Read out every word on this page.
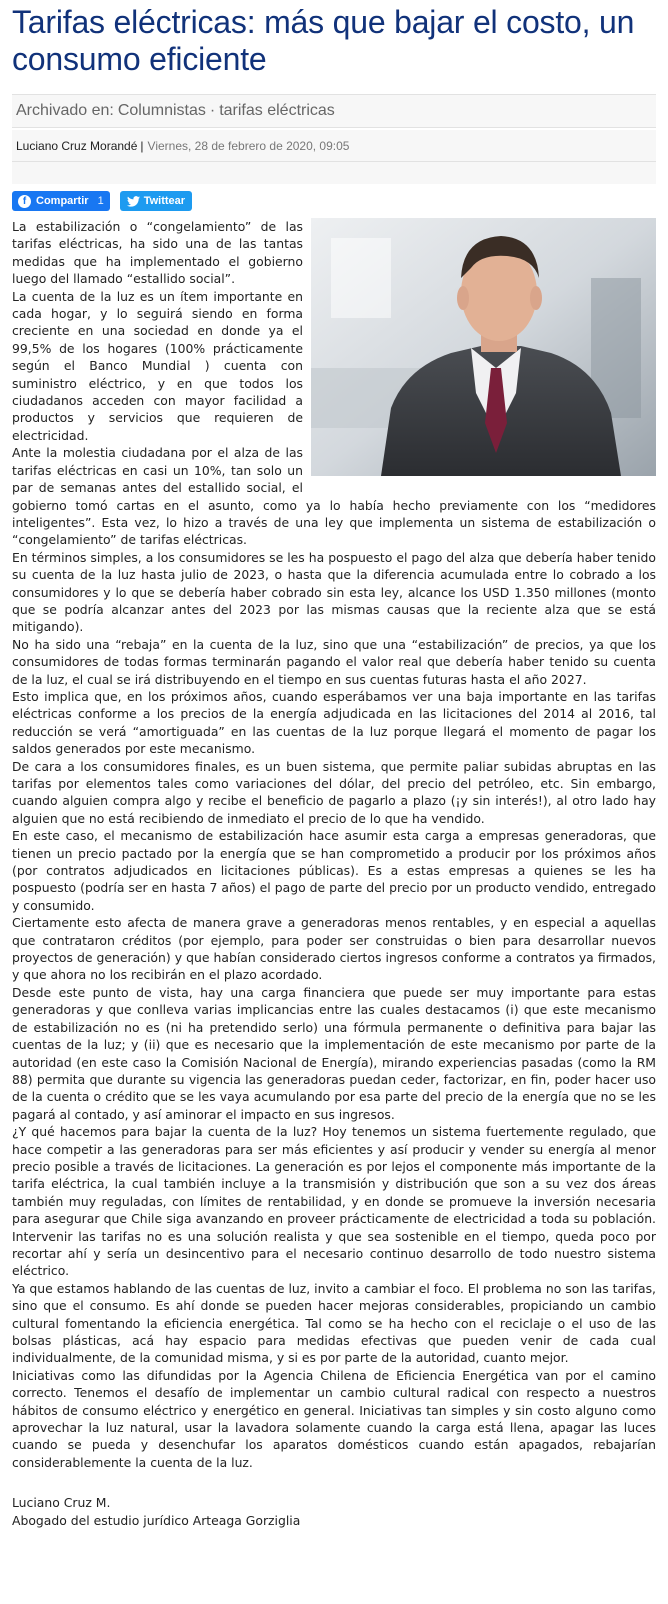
Tarifas eléctricas: más que bajar el costo, un consumo eficiente
Archivado en: Columnistas · tarifas eléctricas
Luciano Cruz Morandé | Viernes, 28 de febrero de 2020, 09:05
f Compartir 1	Twittear

La estabilización o “congelamiento” de las tarifas eléctricas, ha sido una de las tantas medidas que ha implementado el gobierno luego del llamado “estallido social”.

La cuenta de la luz es un ítem importante en cada hogar, y lo seguirá siendo en forma creciente en una sociedad en donde ya el 99,5% de los hogares (100% prácticamente según el Banco Mundial ) cuenta con suministro eléctrico, y en que todos los ciudadanos acceden con mayor facilidad a productos y servicios que requieren de electricidad.

Ante la molestia ciudadana por el alza de las tarifas eléctricas en casi un 10%, tan solo un par de semanas antes del estallido social, el gobierno tomó cartas en el asunto, como ya lo había hecho previamente con los “medidores inteligentes”. Esta vez, lo hizo a través de una ley que implementa un sistema de estabilización o “congelamiento” de tarifas eléctricas.

En términos simples, a los consumidores se les ha pospuesto el pago del alza que debería haber tenido su cuenta de la luz hasta julio de 2023, o hasta que la diferencia acumulada entre lo cobrado a los consumidores y lo que se debería haber cobrado sin esta ley, alcance los USD 1.350 millones (monto que se podría alcanzar antes del 2023 por las mismas causas que la reciente alza que se está mitigando).

No ha sido una “rebaja” en la cuenta de la luz, sino que una “estabilización” de precios, ya que los consumidores de todas formas terminarán pagando el valor real que debería haber tenido su cuenta de la luz, el cual se irá distribuyendo en el tiempo en sus cuentas futuras hasta el año 2027.

Esto implica que, en los próximos años, cuando esperábamos ver una baja importante en las tarifas eléctricas conforme a los precios de la energía adjudicada en las licitaciones del 2014 al 2016, tal reducción se verá “amortiguada” en las cuentas de la luz porque llegará el momento de pagar los saldos generados por este mecanismo.

De cara a los consumidores finales, es un buen sistema, que permite paliar subidas abruptas en las tarifas por elementos tales como variaciones del dólar, del precio del petróleo, etc. Sin embargo, cuando alguien compra algo y recibe el beneficio de pagarlo a plazo (¡y sin interés!), al otro lado hay alguien que no está recibiendo de inmediato el precio de lo que ha vendido.

En este caso, el mecanismo de estabilización hace asumir esta carga a empresas generadoras, que tienen un precio pactado por la energía que se han comprometido a producir por los próximos años (por contratos adjudicados en licitaciones públicas). Es a estas empresas a quienes se les ha pospuesto (podría ser en hasta 7 años) el pago de parte del precio por un producto vendido, entregado y consumido.

Ciertamente esto afecta de manera grave a generadoras menos rentables, y en especial a aquellas que contrataron créditos (por ejemplo, para poder ser construidas o bien para desarrollar nuevos proyectos de generación) y que habían considerado ciertos ingresos conforme a contratos ya firmados, y que ahora no los recibirán en el plazo acordado.

Desde este punto de vista, hay una carga financiera que puede ser muy importante para estas generadoras y que conlleva varias implicancias entre las cuales destacamos (i) que este mecanismo de estabilización no es (ni ha pretendido serlo) una fórmula permanente o definitiva para bajar las cuentas de la luz; y (ii) que es necesario que la implementación de este mecanismo por parte de la autoridad (en este caso la Comisión Nacional de Energía), mirando experiencias pasadas (como la RM 88) permita que durante su vigencia las generadoras puedan ceder, factorizar, en fin, poder hacer uso de la cuenta o crédito que se les vaya acumulando por esa parte del precio de la energía que no se les pagará al contado, y así aminorar el impacto en sus ingresos.

¿Y qué hacemos para bajar la cuenta de la luz? Hoy tenemos un sistema fuertemente regulado, que hace competir a las generadoras para ser más eficientes y así producir y vender su energía al menor precio posible a través de licitaciones. La generación es por lejos el componente más importante de la tarifa eléctrica, la cual también incluye a la transmisión y distribución que son a su vez dos áreas también muy reguladas, con límites de rentabilidad, y en donde se promueve la inversión necesaria para asegurar que Chile siga avanzando en proveer prácticamente de electricidad a toda su población. Intervenir las tarifas no es una solución realista y que sea sostenible en el tiempo, queda poco por recortar ahí y sería un desincentivo para el necesario continuo desarrollo de todo nuestro sistema eléctrico.

Ya que estamos hablando de las cuentas de luz, invito a cambiar el foco. El problema no son las tarifas, sino que el consumo. Es ahí donde se pueden hacer mejoras considerables, propiciando un cambio cultural fomentando la eficiencia energética. Tal como se ha hecho con el reciclaje o el uso de las bolsas plásticas, acá hay espacio para medidas efectivas que pueden venir de cada cual individualmente, de la comunidad misma, y si es por parte de la autoridad, cuanto mejor.

Iniciativas como las difundidas por la Agencia Chilena de Eficiencia Energética van por el camino correcto. Tenemos el desafío de implementar un cambio cultural radical con respecto a nuestros hábitos de consumo eléctrico y energético en general. Iniciativas tan simples y sin costo alguno como aprovechar la luz natural, usar la lavadora solamente cuando la carga está llena, apagar las luces cuando se pueda y desenchufar los aparatos domésticos cuando están apagados, rebajarían considerablemente la cuenta de la luz.

Luciano Cruz M.
Abogado del estudio jurídico Arteaga Gorziglia
